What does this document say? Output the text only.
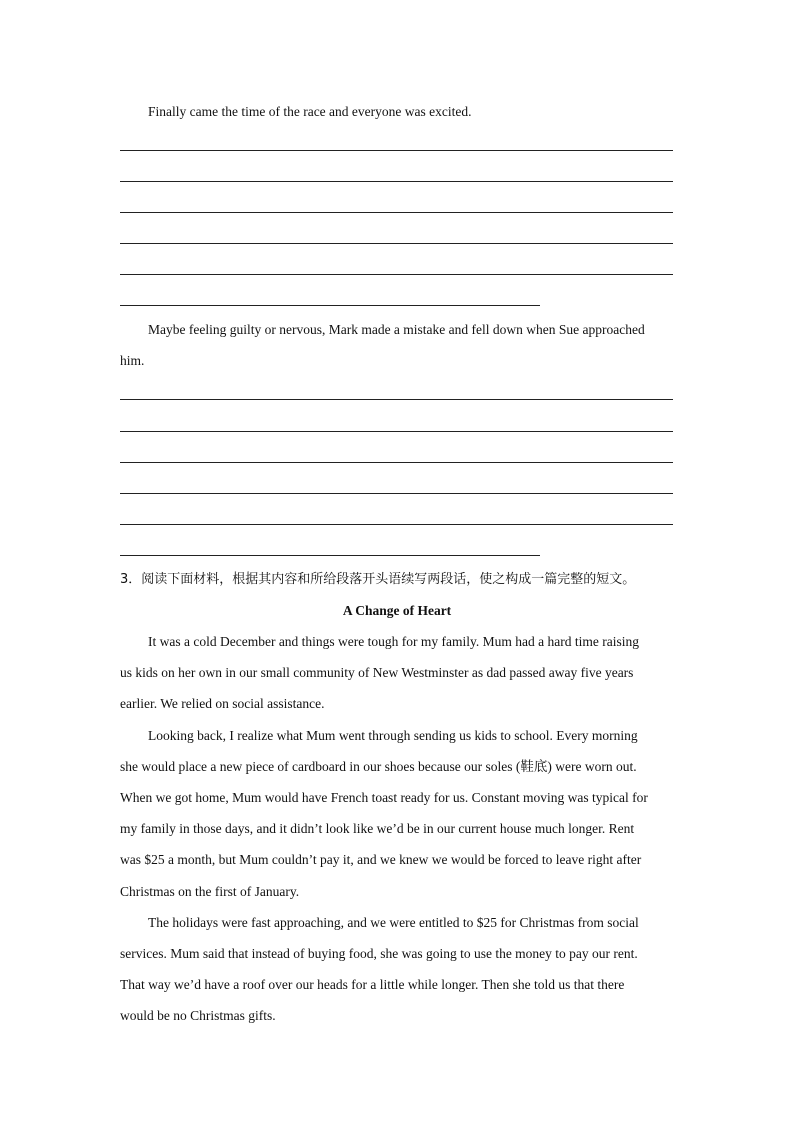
Finally came the time of the race and everyone was excited.
Maybe feeling guilty or nervous, Mark made a mistake and fell down when Sue approached
him.
3．阅读下面材料，根据其内容和所给段落开头语续写两段话，使之构成一篇完整的短文。
A Change of Heart
It was a cold December and things were tough for my family. Mum had a hard time raising
us kids on her own in our small community of New Westminster as dad passed away five years
earlier. We relied on social assistance.
Looking back, I realize what Mum went through sending us kids to school. Every morning
she would place a new piece of cardboard in our shoes because our soles (鞋底) were worn out.
When we got home, Mum would have French toast ready for us. Constant moving was typical for
my family in those days, and it didn’t look like we’d be in our current house much longer. Rent
was $25 a month, but Mum couldn’t pay it, and we knew we would be forced to leave right after
Christmas on the first of January.
The holidays were fast approaching, and we were entitled to $25 for Christmas from social
services. Mum said that instead of buying food, she was going to use the money to pay our rent.
That way we’d have a roof over our heads for a little while longer. Then she told us that there
would be no Christmas gifts.
